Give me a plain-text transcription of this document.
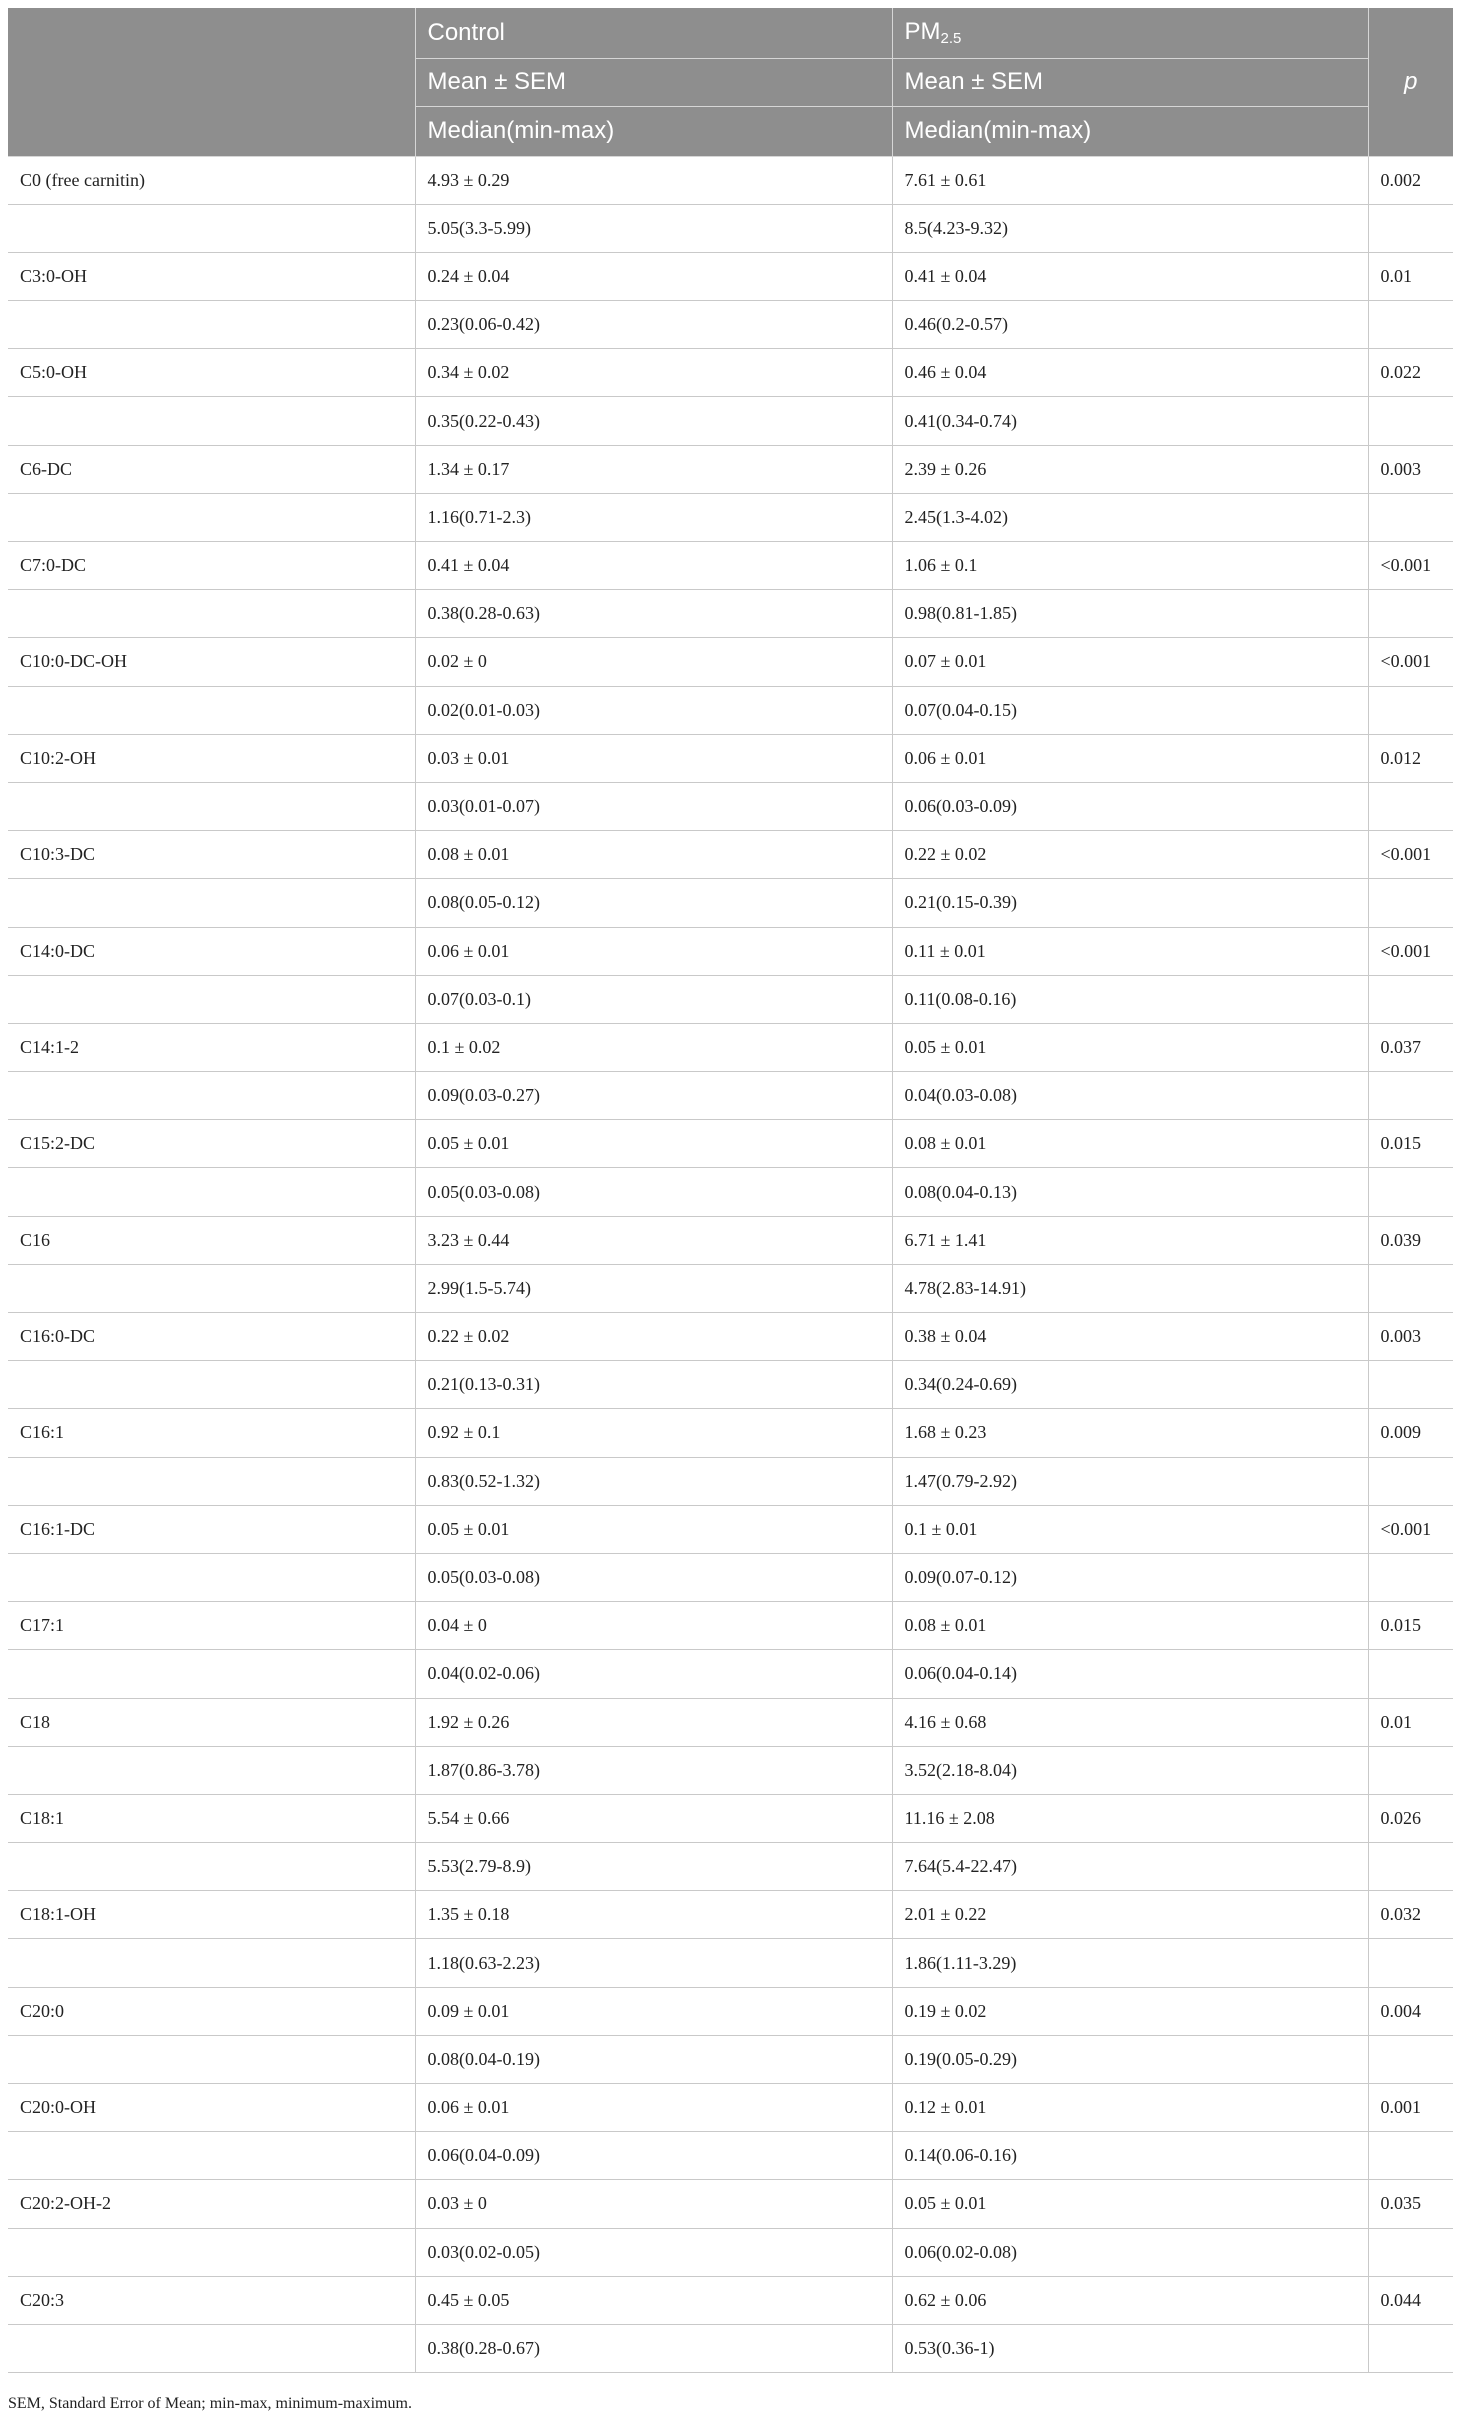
	Control	$PM_{2.5}$	p
	Mean ± SEM	Mean ± SEM	
	Median(min-max)	Median(min-max)	
C0 (free carnitin)	4.93 ± 0.29	7.61 ± 0.61	0.002
	5.05(3.3-5.99)	8.5(4.23-9.32)	
C3:0-OH	0.24 ± 0.04	0.41 ± 0.04	0.01
	0.23(0.06-0.42)	0.46(0.2-0.57)	
C5:0-OH	0.34 ± 0.02	0.46 ± 0.04	0.022
	0.35(0.22-0.43)	0.41(0.34-0.74)	
C6-DC	1.34 ± 0.17	2.39 ± 0.26	0.003
	1.16(0.71-2.3)	2.45(1.3-4.02)	
C7:0-DC	0.41 ± 0.04	1.06 ± 0.1	<0.001
	0.38(0.28-0.63)	0.98(0.81-1.85)	
C10:0-DC-OH	0.02 ± 0	0.07 ± 0.01	<0.001
	0.02(0.01-0.03)	0.07(0.04-0.15)	
C10:2-OH	0.03 ± 0.01	0.06 ± 0.01	0.012
	0.03(0.01-0.07)	0.06(0.03-0.09)	
C10:3-DC	0.08 ± 0.01	0.22 ± 0.02	<0.001
	0.08(0.05-0.12)	0.21(0.15-0.39)	
C14:0-DC	0.06 ± 0.01	0.11 ± 0.01	<0.001
	0.07(0.03-0.1)	0.11(0.08-0.16)	
C14:1-2	0.1 ± 0.02	0.05 ± 0.01	0.037
	0.09(0.03-0.27)	0.04(0.03-0.08)	
C15:2-DC	0.05 ± 0.01	0.08 ± 0.01	0.015
	0.05(0.03-0.08)	0.08(0.04-0.13)	
C16	3.23 ± 0.44	6.71 ± 1.41	0.039
	2.99(1.5-5.74)	4.78(2.83-14.91)	
C16:0-DC	0.22 ± 0.02	0.38 ± 0.04	0.003
	0.21(0.13-0.31)	0.34(0.24-0.69)	
C16:1	0.92 ± 0.1	1.68 ± 0.23	0.009
	0.83(0.52-1.32)	1.47(0.79-2.92)	
C16:1-DC	0.05 ± 0.01	0.1 ± 0.01	<0.001
	0.05(0.03-0.08)	0.09(0.07-0.12)	
C17:1	0.04 ± 0	0.08 ± 0.01	0.015
	0.04(0.02-0.06)	0.06(0.04-0.14)	
C18	1.92 ± 0.26	4.16 ± 0.68	0.01
	1.87(0.86-3.78)	3.52(2.18-8.04)	
C18:1	5.54 ± 0.66	11.16 ± 2.08	0.026
	5.53(2.79-8.9)	7.64(5.4-22.47)	
C18:1-OH	1.35 ± 0.18	2.01 ± 0.22	0.032
	1.18(0.63-2.23)	1.86(1.11-3.29)	
C20:0	0.09 ± 0.01	0.19 ± 0.02	0.004
	0.08(0.04-0.19)	0.19(0.05-0.29)	
C20:0-OH	0.06 ± 0.01	0.12 ± 0.01	0.001
	0.06(0.04-0.09)	0.14(0.06-0.16)	
C20:2-OH-2	0.03 ± 0	0.05 ± 0.01	0.035
	0.03(0.02-0.05)	0.06(0.02-0.08)	
C20:3	0.45 ± 0.05	0.62 ± 0.06	0.044
	0.38(0.28-0.67)	0.53(0.36-1)	
SEM, Standard Error of Mean; min-max, minimum-maximum.
